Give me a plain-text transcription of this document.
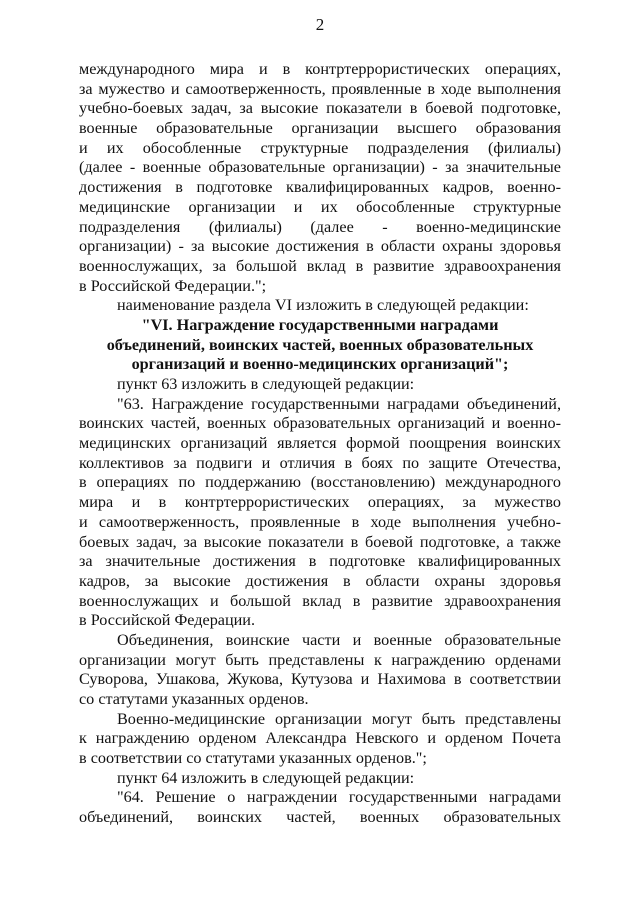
2
международного мира и в контртеррористических операциях,
за мужество и самоотверженность, проявленные в ходе выполнения
учебно-боевых задач, за высокие показатели в боевой подготовке,
военные образовательные организации высшего образования
и их обособленные структурные подразделения (филиалы)
(далее - военные образовательные организации) - за значительные
достижения в подготовке квалифицированных кадров, военно-
медицинские организации и их обособленные структурные
подразделения (филиалы) (далее - военно-медицинские
организации) - за высокие достижения в области охраны здоровья
военнослужащих, за большой вклад в развитие здравоохранения
в Российской Федерации.";
наименование раздела VI изложить в следующей редакции:
"VI. Награждение государственными наградами
объединений, воинских частей, военных образовательных
организаций и военно-медицинских организаций";
пункт 63 изложить в следующей редакции:
"63. Награждение государственными наградами объединений,
воинских частей, военных образовательных организаций и военно-
медицинских организаций является формой поощрения воинских
коллективов за подвиги и отличия в боях по защите Отечества,
в операциях по поддержанию (восстановлению) международного
мира и в контртеррористических операциях, за мужество
и самоотверженность, проявленные в ходе выполнения учебно-
боевых задач, за высокие показатели в боевой подготовке, а также
за значительные достижения в подготовке квалифицированных
кадров, за высокие достижения в области охраны здоровья
военнослужащих и большой вклад в развитие здравоохранения
в Российской Федерации.
Объединения, воинские части и военные образовательные
организации могут быть представлены к награждению орденами
Суворова, Ушакова, Жукова, Кутузова и Нахимова в соответствии
со статутами указанных орденов.
Военно-медицинские организации могут быть представлены
к награждению орденом Александра Невского и орденом Почета
в соответствии со статутами указанных орденов.";
пункт 64 изложить в следующей редакции:
"64. Решение о награждении государственными наградами
объединений, воинских частей, военных образовательных
